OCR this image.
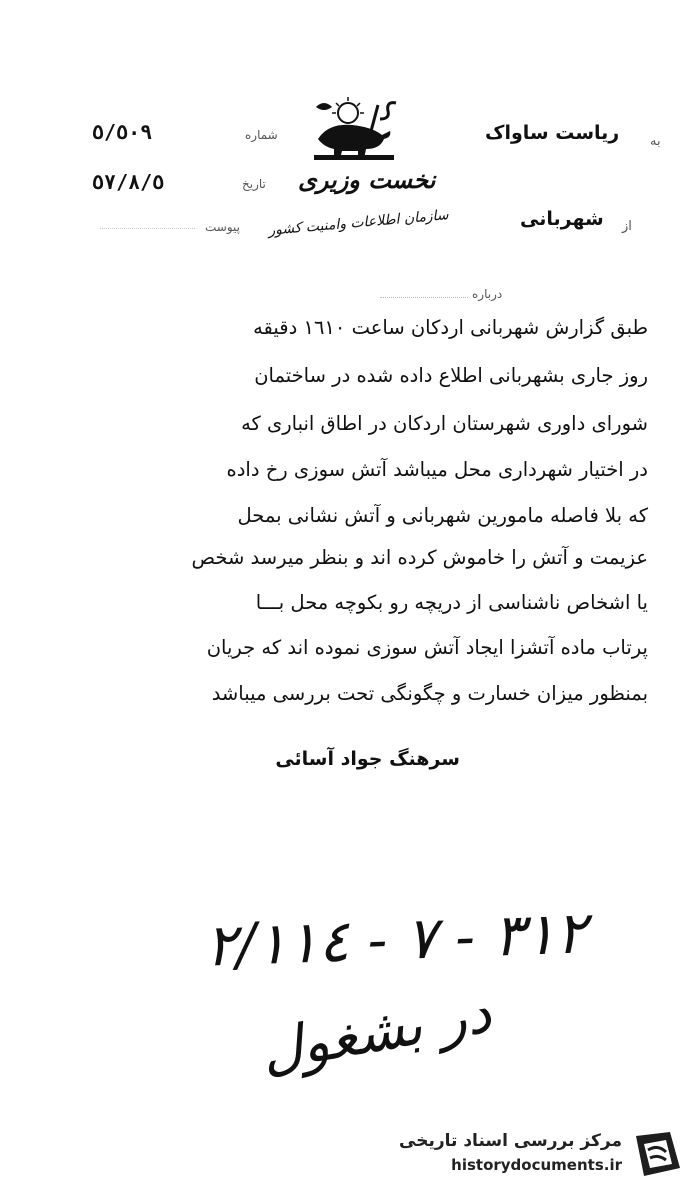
شماره
٥/٥٠٩
تاریخ
٥٧/٨/٥
پیوست
نخست وزیری
سازمان اطلاعات وامنیت کشور
به
ریاست ساواک
از
شهربانی
درباره
طبق گزارش شهربانی اردکان ساعت ١٦١٠ دقیقه
روز جاری بشهربانی اطلاع داده شده در ساختمان
شورای داوری شهرستان اردکان در اطاق انباری که
در اختیار شهرداری محل میباشد آتش سوزی رخ داده
که بلا فاصله مامورین شهربانی و آتش نشانی بمحل
عزیمت و آتش را خاموش کرده اند و بنظر میرسد شخص
یا اشخاص ناشناسی از دریچه رو بکوچه محل بـــا
پرتاب ماده آتشزا ایجاد آتش سوزی نموده اند که جریان
بمنظور میزان خسارت و چگونگی تحت بررسی میباشد
سرهنگ جواد آسائی
٣١٢ - ٧ - ٢/١١٤
در بشغول
مرکز بررسی اسناد تاریخی
historydocuments.ir
